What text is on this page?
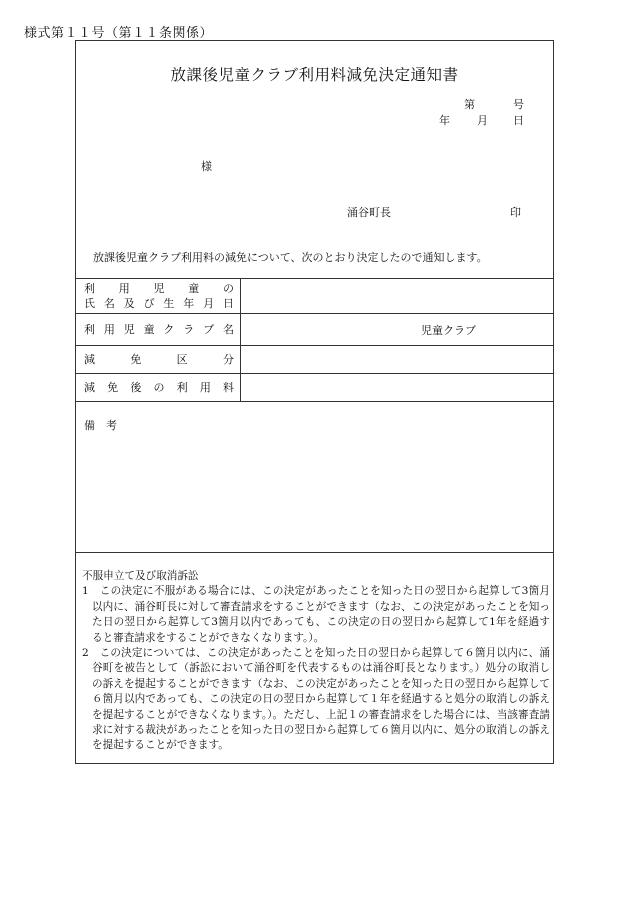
様式第１１号（第１１条関係）
放課後児童クラブ利用料減免決定通知書
第	号
年 月 日
様
涌谷町長	印
放課後児童クラブ利用料の減免について、次のとおり決定したので通知します。
利　用　児　童　の
氏名及び生年月日
利用児童クラブ名	児童クラブ
減　免　区　分
減免後の利用料
備　考
不服申立て及び取消訴訟
1　この決定に不服がある場合には、この決定があったことを知った日の翌日から起算して3箇月以内に、涌谷町長に対して審査請求をすることができます（なお、この決定があったことを知った日の翌日から起算して3箇月以内であっても、この決定の日の翌日から起算して1年を経過すると審査請求をすることができなくなります。）。
2　この決定については、この決定があったことを知った日の翌日から起算して６箇月以内に、涌谷町を被告として（訴訟において涌谷町を代表するものは涌谷町長となります。）処分の取消しの訴えを提起することができます（なお、この決定があったことを知った日の翌日から起算して６箇月以内であっても、この決定の日の翌日から起算して１年を経過すると処分の取消しの訴えを提起することができなくなります。）。ただし、上記１の審査請求をした場合には、当該審査請求に対する裁決があったことを知った日の翌日から起算して６箇月以内に、処分の取消しの訴えを提起することができます。
